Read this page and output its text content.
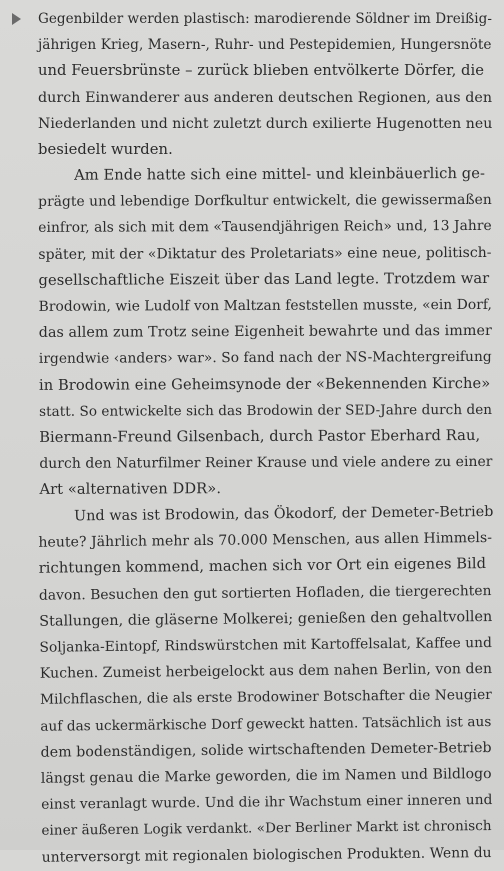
Gegenbilder werden plastisch: marodierende Söldner im Dreißig-
jährigen Krieg, Masern-, Ruhr- und Pestepidemien, Hungersnöte
und Feuersbrünste – zurück blieben entvölkerte Dörfer, die
durch Einwanderer aus anderen deutschen Regionen, aus den
Niederlanden und nicht zuletzt durch exilierte Hugenotten neu
besiedelt wurden.

Am Ende hatte sich eine mittel- und kleinbäuerlich ge-
prägte und lebendige Dorfkultur entwickelt, die gewissermaßen
einfror, als sich mit dem «Tausendjährigen Reich» und, 13 Jahre
später, mit der «Diktatur des Proletariats» eine neue, politisch-
gesellschaftliche Eiszeit über das Land legte. Trotzdem war
Brodowin, wie Ludolf von Maltzan feststellen musste, «ein Dorf,
das allem zum Trotz seine Eigenheit bewahrte und das immer
irgendwie ‹anders› war». So fand nach der NS-Machtergreifung
in Brodowin eine Geheimsynode der «Bekennenden Kirche»
statt. So entwickelte sich das Brodowin der SED-Jahre durch den
Biermann-Freund Gilsenbach, durch Pastor Eberhard Rau,
durch den Naturfilmer Reiner Krause und viele andere zu einer
Art «alternativen DDR».

Und was ist Brodowin, das Ökodorf, der Demeter-Betrieb
heute? Jährlich mehr als 70.000 Menschen, aus allen Himmels-
richtungen kommend, machen sich vor Ort ein eigenes Bild
davon. Besuchen den gut sortierten Hofladen, die tiergerechten
Stallungen, die gläserne Molkerei; genießen den gehaltvollen
Soljanka-Eintopf, Rindswürstchen mit Kartoffelsalat, Kaffee und
Kuchen. Zumeist herbeigelockt aus dem nahen Berlin, von den
Milchflaschen, die als erste Brodowiner Botschafter die Neugier
auf das uckermärkische Dorf geweckt hatten. Tatsächlich ist aus
dem bodenständigen, solide wirtschaftenden Demeter-Betrieb
längst genau die Marke geworden, die im Namen und Bildlogo
einst veranlagt wurde. Und die ihr Wachstum einer inneren und
einer äußeren Logik verdankt. «Der Berliner Markt ist chronisch
unterversorgt mit regionalen biologischen Produkten. Wenn du
